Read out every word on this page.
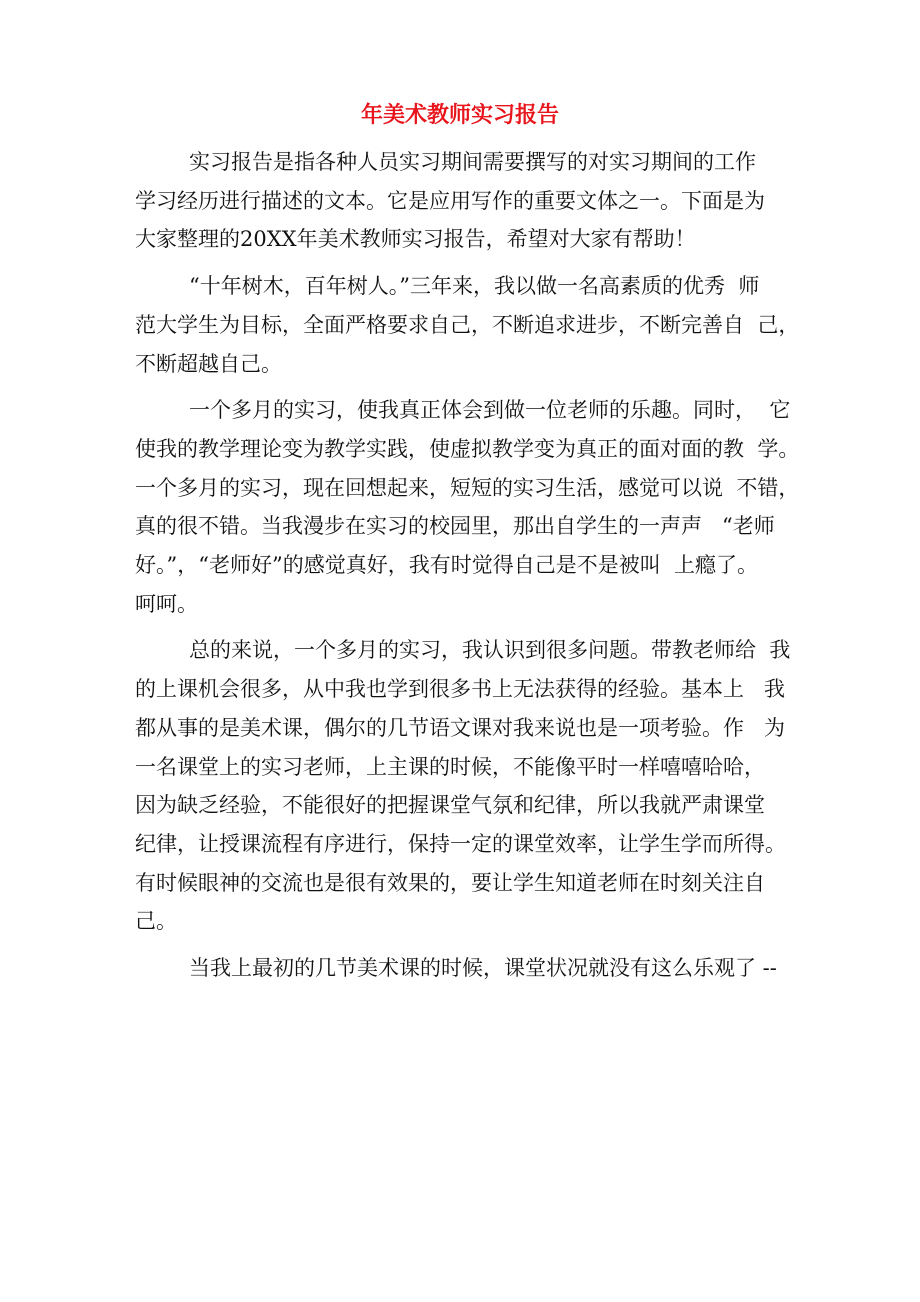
年美术教师实习报告
实习报告是指各种人员实习期间需要撰写的对实习期间的工作
学习经历进行描述的文本。它是应用写作的重要文体之一。下面是为
大家整理的20XX年美术教师实习报告，希望对大家有帮助！
“十年树木，百年树人。”三年来，我以做一名高素质的优秀  师
范大学生为目标，全面严格要求自己，不断追求进步，不断完善自  己，
不断超越自己。
一个多月的实习，使我真正体会到做一位老师的乐趣。同时，  它
使我的教学理论变为教学实践，使虚拟教学变为真正的面对面的教  学。
一个多月的实习，现在回想起来，短短的实习生活，感觉可以说  不错，
真的很不错。当我漫步在实习的校园里，那出自学生的一声声   “老师
好。”，“老师好”的感觉真好，我有时觉得自己是不是被叫  上瘾了。
呵呵。
总的来说，一个多月的实习，我认识到很多问题。带教老师给  我
的上课机会很多，从中我也学到很多书上无法获得的经验。基本上   我
都从事的是美术课，偶尔的几节语文课对我来说也是一项考验。作   为
一名课堂上的实习老师，上主课的时候，不能像平时一样嘻嘻哈哈，
因为缺乏经验，不能很好的把握课堂气氛和纪律，所以我就严肃课堂
纪律，让授课流程有序进行，保持一定的课堂效率，让学生学而所得。
有时候眼神的交流也是很有效果的，要让学生知道老师在时刻关注自
己。
当我上最初的几节美术课的时候，课堂状况就没有这么乐观了 --
